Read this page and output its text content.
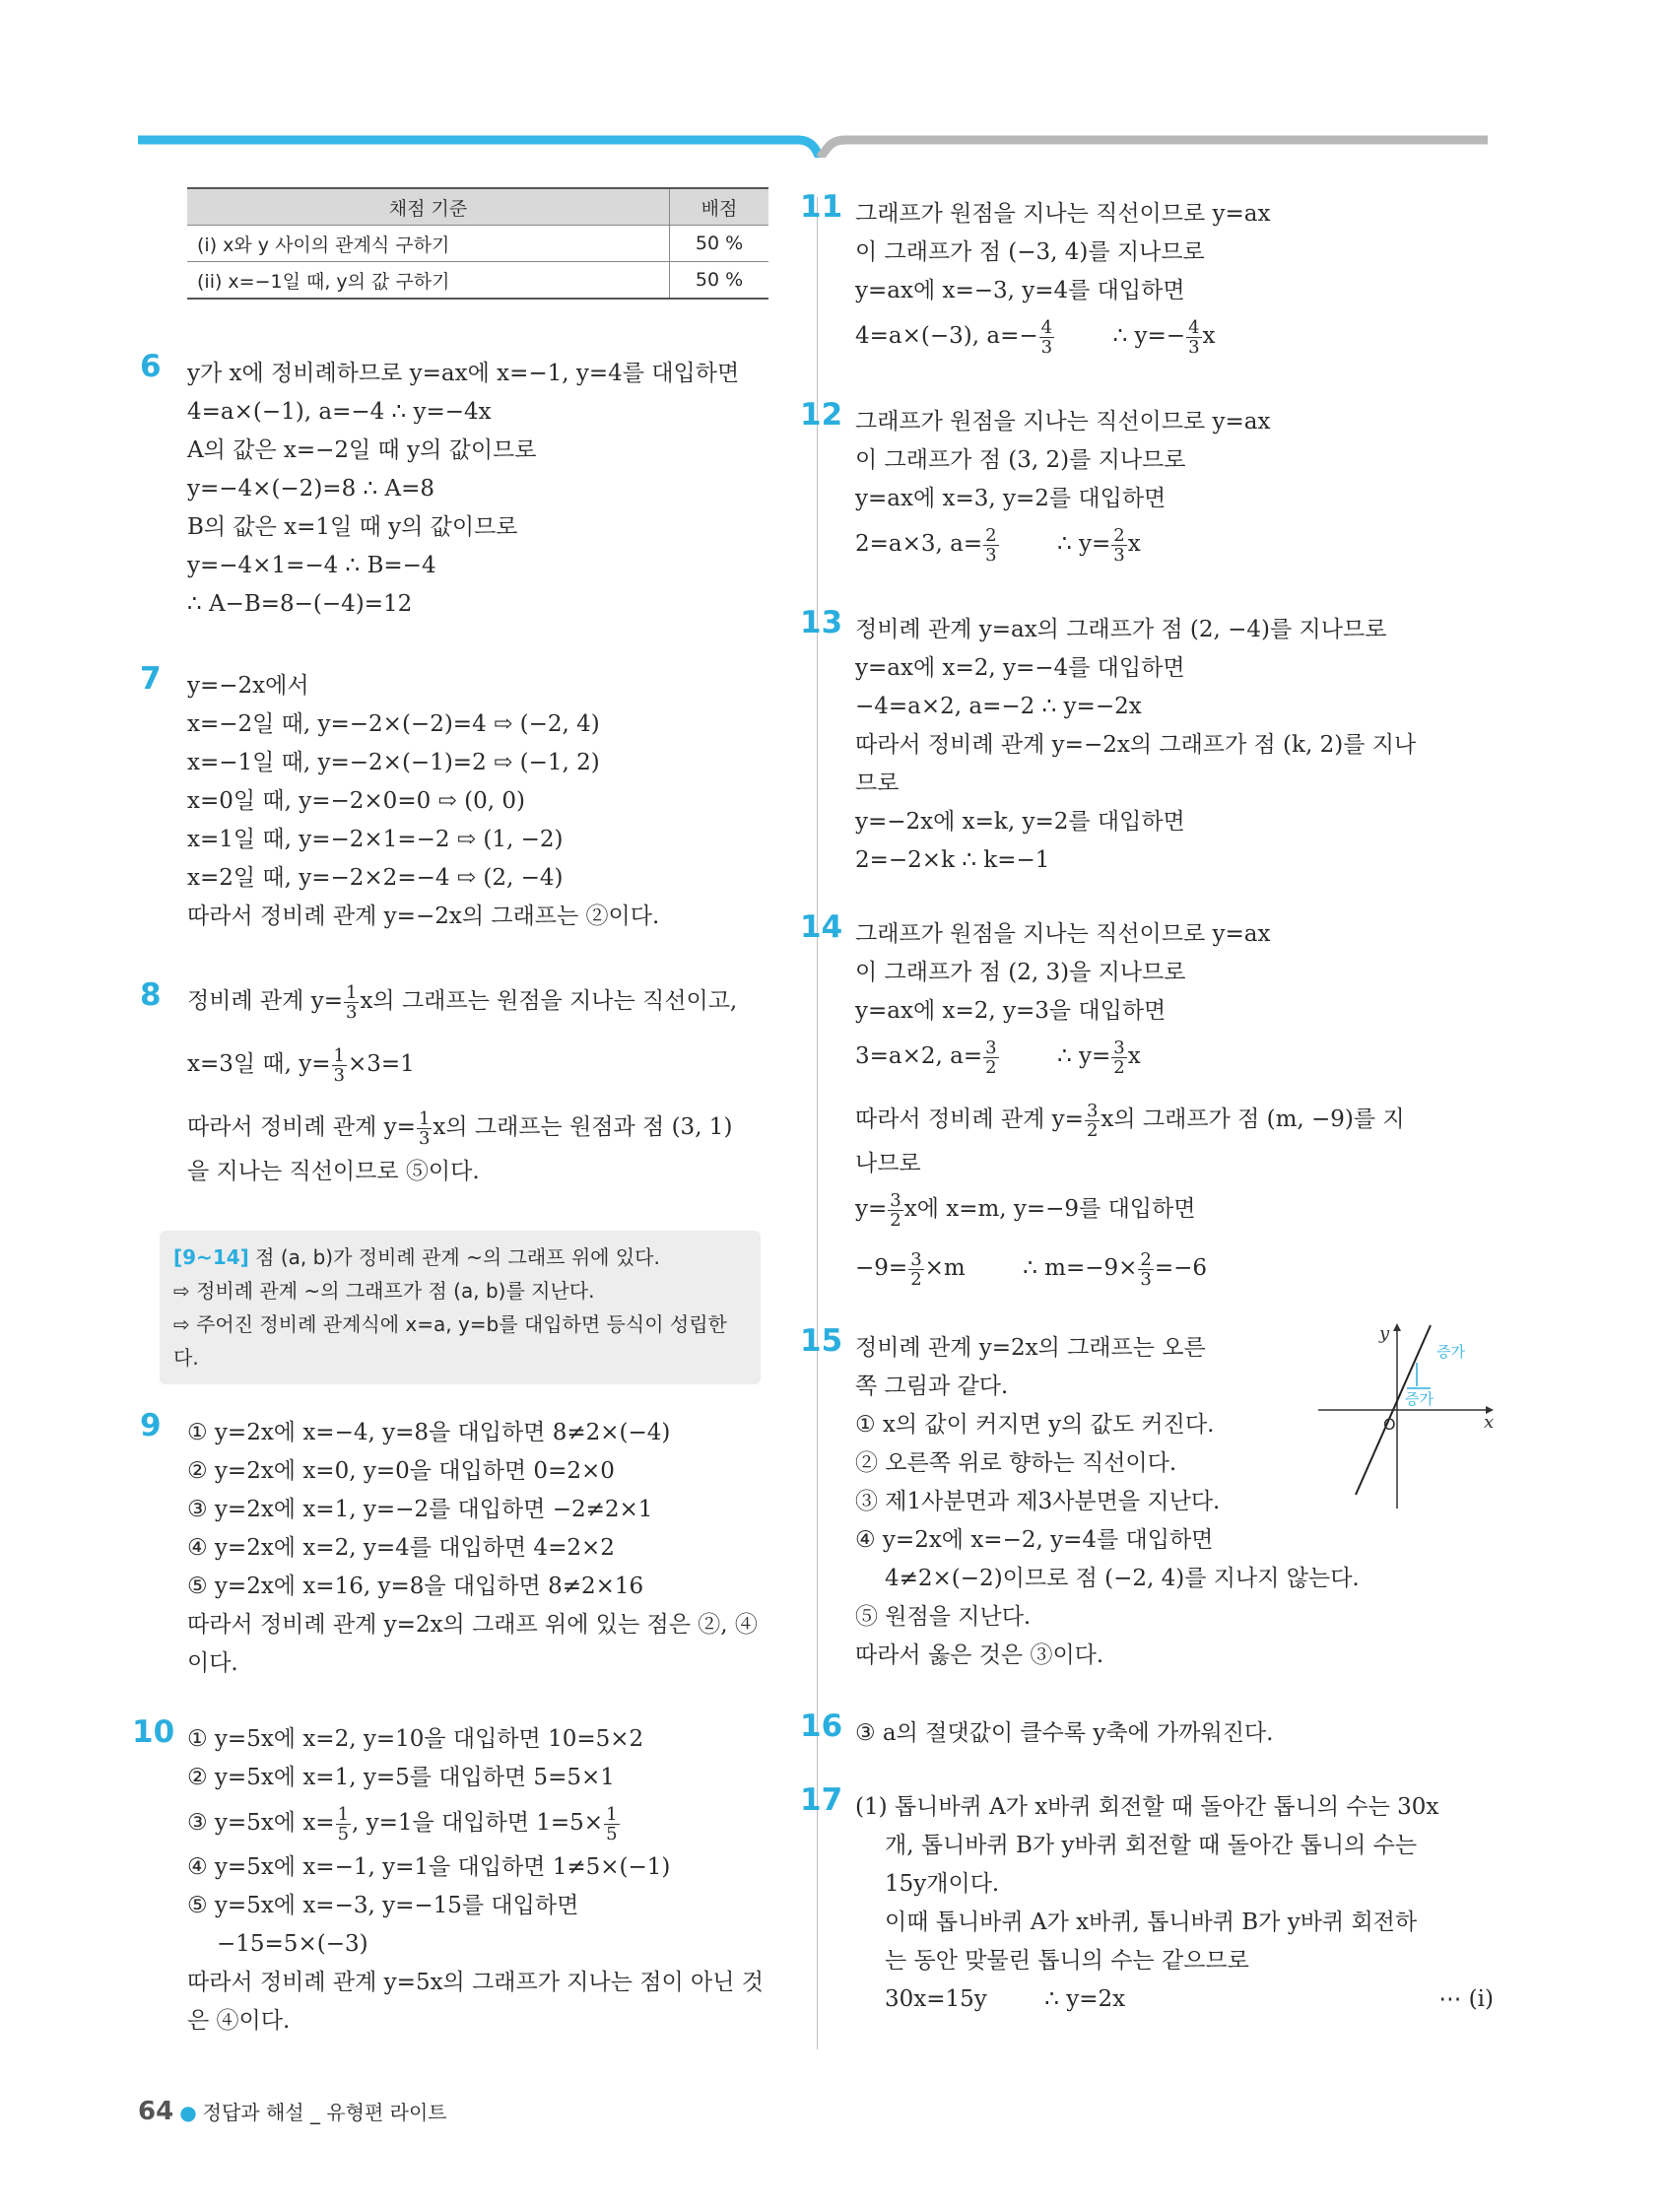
채점 기준	배점
(i) x와 y 사이의 관계식 구하기	50 %
(ii) x=−1일 때, y의 값 구하기	50 %
6 y가 x에 정비례하므로 y=ax에 x=−1, y=4를 대입하면
4=a×(−1), a=−4 ∴ y=−4x
A의 값은 x=−2일 때 y의 값이므로
y=−4×(−2)=8 ∴ A=8
B의 값은 x=1일 때 y의 값이므로
y=−4×1=−4 ∴ B=−4
∴ A−B=8−(−4)=12
7 y=−2x에서
x=−2일 때, y=−2×(−2)=4 ⇨ (−2, 4)
x=−1일 때, y=−2×(−1)=2 ⇨ (−1, 2)
x=0일 때, y=−2×0=0 ⇨ (0, 0)
x=1일 때, y=−2×1=−2 ⇨ (1, −2)
x=2일 때, y=−2×2=−4 ⇨ (2, −4)
따라서 정비례 관계 y=−2x의 그래프는 ②이다.
8 정비례 관계 $y= \frac{1}{3}$ x의 그래프는 원점을 지나는 직선이고,
x=3일 때, $y= \frac{1}{3} \times 3=1$
따라서 정비례 관계 $y= \frac{1}{3}$ x의 그래프는 원점과 점 (3, 1)
을 지나는 직선이므로 ⑤이다.
[9~14] 점 (a, b)가 정비례 관계 ~의 그래프 위에 있다.
⇨ 정비례 관계 ~의 그래프가 점 (a, b)를 지난다.
⇨ 주어진 정비례 관계식에 x=a, y=b를 대입하면 등식이 성립한다.
9 ① y=2x에 x=−4, y=8을 대입하면 8≠2×(−4)
② y=2x에 x=0, y=0을 대입하면 0=2×0
③ y=2x에 x=1, y=−2를 대입하면 −2≠2×1
④ y=2x에 x=2, y=4를 대입하면 4=2×2
⑤ y=2x에 x=16, y=8을 대입하면 8≠2×16
따라서 정비례 관계 y=2x의 그래프 위에 있는 점은 ②, ④
이다.
10 ① y=5x에 x=2, y=10을 대입하면 10=5×2
② y=5x에 x=1, y=5를 대입하면 5=5×1
③ y=5x에 $x= \frac{1}{5}$ , y=1을 대입하면 $1=5\times \frac{1}{5}$
④ y=5x에 x=−1, y=1을 대입하면 1≠5×(−1)
⑤ y=5x에 x=−3, y=−15를 대입하면
−15=5×(−3)
따라서 정비례 관계 y=5x의 그래프가 지나는 점이 아닌 것
은 ④이다.
11 그래프가 원점을 지나는 직선이므로 y=ax
이 그래프가 점 (−3, 4)를 지나므로
y=ax에 x=−3, y=4를 대입하면
4=a×(−3), $a=- \frac{4}{3}$ ∴ $y=- \frac{4}{3}$ x
12 그래프가 원점을 지나는 직선이므로 y=ax
이 그래프가 점 (3, 2)를 지나므로
y=ax에 x=3, y=2를 대입하면
2=a×3, $a= \frac{2}{3}$ ∴ $y= \frac{2}{3}$ x
13 정비례 관계 y=ax의 그래프가 점 (2, −4)를 지나므로
y=ax에 x=2, y=−4를 대입하면
−4=a×2, a=−2 ∴ y=−2x
따라서 정비례 관계 y=−2x의 그래프가 점 (k, 2)를 지나
므로
y=−2x에 x=k, y=2를 대입하면
2=−2×k ∴ k=−1
14 그래프가 원점을 지나는 직선이므로 y=ax
이 그래프가 점 (2, 3)을 지나므로
y=ax에 x=2, y=3을 대입하면
3=a×2, $a= \frac{3}{2}$ ∴ $y= \frac{3}{2}$ x
따라서 정비례 관계 $y= \frac{3}{2}$ x의 그래프가 점 (m, −9)를 지
나므로
$y= \frac{3}{2}$ x에 x=m, y=−9를 대입하면
$-9= \frac{3}{2} \times m$        ∴ $m=-9\times \frac{2}{3} =-6$
15
x
y
O
증가
증가
정비례 관계 y=2x의 그래프는 오른
쪽 그림과 같다.
① x의 값이 커지면 y의 값도 커진다.
② 오른쪽 위로 향하는 직선이다.
③ 제1사분면과 제3사분면을 지난다.
④ y=2x에 x=−2, y=4를 대입하면
4≠2×(−2)이므로 점 (−2, 4)를 지나지 않는다.
⑤ 원점을 지난다.
따라서 옳은 것은 ③이다.
16 ③ a의 절댓값이 클수록 y축에 가까워진다.
17 (1) 톱니바퀴 A가 x바퀴 회전할 때 돌아간 톱니의 수는 30x
개, 톱니바퀴 B가 y바퀴 회전할 때 돌아간 톱니의 수는
15y개이다.
이때 톱니바퀴 A가 x바퀴, 톱니바퀴 B가 y바퀴 회전하
는 동안 맞물린 톱니의 수는 같으므로
30x=15y        ∴ y=2x	⋯ (i)
64 ● 정답과 해설 _ 유형편 라이트
